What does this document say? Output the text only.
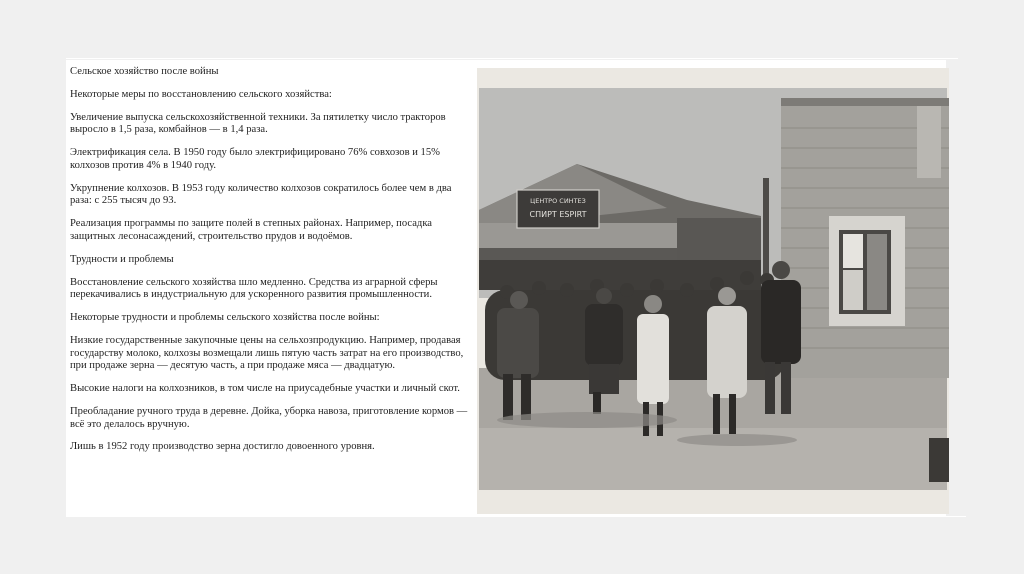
Сельское хозяйство после войны

Некоторые меры по восстановлению сельского хозяйства:

Увеличение выпуска сельскохозяйственной техники. За пятилетку число тракторов выросло в 1,5 раза, комбайнов — в 1,4 раза.

Электрификация села. В 1950 году было электрифицировано 76% совхозов и 15% колхозов против 4% в 1940 году.

Укрупнение колхозов. В 1953 году количество колхозов сократилось более чем в два раза: с 255 тысяч до 93.

Реализация программы по защите полей в степных районах. Например, посадка защитных лесонасаждений, строительство прудов и водоёмов.

Трудности и проблемы

Восстановление сельского хозяйства шло медленно. Средства из аграрной сферы перекачивались в индустриальную для ускоренного развития промышленности.

Некоторые трудности и проблемы сельского хозяйства после войны:

Низкие государственные закупочные цены на сельхозпродукцию. Например, продавая государству молоко, колхозы возмещали лишь пятую часть затрат на его производство, при продаже зерна — десятую часть, а при продаже мяса — двадцатую.

Высокие налоги на колхозников, в том числе на приусадебные участки и личный скот.

Преобладание ручного труда в деревне. Дойка, уборка навоза, приготовление кормов — всё это делалось вручную.

Лишь в 1952 году производство зерна достигло довоенного уровня.

ЦЕНТРО СИНТЕЗ
СПИРТ ESPIRT
